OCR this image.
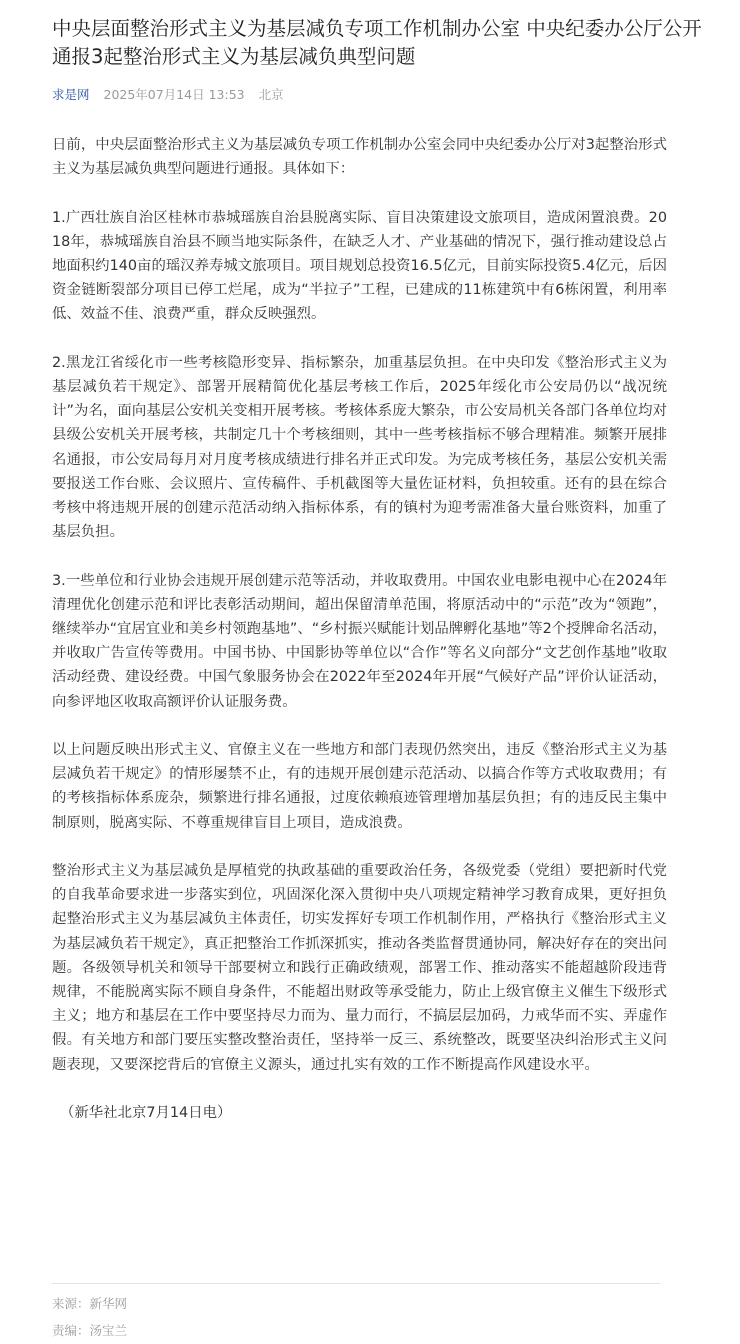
中央层面整治形式主义为基层减负专项工作机制办公室 中央纪委办公厅公开通报3起整治形式主义为基层减负典型问题
求是网 2025年07月14日 13:53 北京

日前，中央层面整治形式主义为基层减负专项工作机制办公室会同中央纪委办公厅对3起整治形式主义为基层减负典型问题进行通报。具体如下：

1.广西壮族自治区桂林市恭城瑶族自治县脱离实际、盲目决策建设文旅项目，造成闲置浪费。2018年，恭城瑶族自治县不顾当地实际条件，在缺乏人才、产业基础的情况下，强行推动建设总占地面积约140亩的瑶汉养寿城文旅项目。项目规划总投资16.5亿元，目前实际投资5.4亿元，后因资金链断裂部分项目已停工烂尾，成为“半拉子”工程，已建成的11栋建筑中有6栋闲置，利用率低、效益不佳、浪费严重，群众反映强烈。

2.黑龙江省绥化市一些考核隐形变异、指标繁杂，加重基层负担。在中央印发《整治形式主义为基层减负若干规定》、部署开展精简优化基层考核工作后，2025年绥化市公安局仍以“战况统计”为名，面向基层公安机关变相开展考核。考核体系庞大繁杂，市公安局机关各部门各单位均对县级公安机关开展考核，共制定几十个考核细则，其中一些考核指标不够合理精准。频繁开展排名通报，市公安局每月对月度考核成绩进行排名并正式印发。为完成考核任务，基层公安机关需要报送工作台账、会议照片、宣传稿件、手机截图等大量佐证材料，负担较重。还有的县在综合考核中将违规开展的创建示范活动纳入指标体系，有的镇村为迎考需准备大量台账资料，加重了基层负担。

3.一些单位和行业协会违规开展创建示范等活动，并收取费用。中国农业电影电视中心在2024年清理优化创建示范和评比表彰活动期间，超出保留清单范围，将原活动中的“示范”改为“领跑”，继续举办“宜居宜业和美乡村领跑基地”、“乡村振兴赋能计划品牌孵化基地”等2个授牌命名活动，并收取广告宣传等费用。中国书协、中国影协等单位以“合作”等名义向部分“文艺创作基地”收取活动经费、建设经费。中国气象服务协会在2022年至2024年开展“气候好产品”评价认证活动，向参评地区收取高额评价认证服务费。

以上问题反映出形式主义、官僚主义在一些地方和部门表现仍然突出，违反《整治形式主义为基层减负若干规定》的情形屡禁不止，有的违规开展创建示范活动、以搞合作等方式收取费用；有的考核指标体系庞杂，频繁进行排名通报，过度依赖痕迹管理增加基层负担；有的违反民主集中制原则，脱离实际、不尊重规律盲目上项目，造成浪费。

整治形式主义为基层减负是厚植党的执政基础的重要政治任务，各级党委（党组）要把新时代党的自我革命要求进一步落实到位，巩固深化深入贯彻中央八项规定精神学习教育成果，更好担负起整治形式主义为基层减负主体责任，切实发挥好专项工作机制作用，严格执行《整治形式主义为基层减负若干规定》，真正把整治工作抓深抓实，推动各类监督贯通协同，解决好存在的突出问题。各级领导机关和领导干部要树立和践行正确政绩观，部署工作、推动落实不能超越阶段违背规律，不能脱离实际不顾自身条件，不能超出财政等承受能力，防止上级官僚主义催生下级形式主义；地方和基层在工作中要坚持尽力而为、量力而行，不搞层层加码，力戒华而不实、弄虚作假。有关地方和部门要压实整改整治责任，坚持举一反三、系统整改，既要坚决纠治形式主义问题表现，又要深挖背后的官僚主义源头，通过扎实有效的工作不断提高作风建设水平。

（新华社北京7月14日电）

来源：新华网
责编：汤宝兰
